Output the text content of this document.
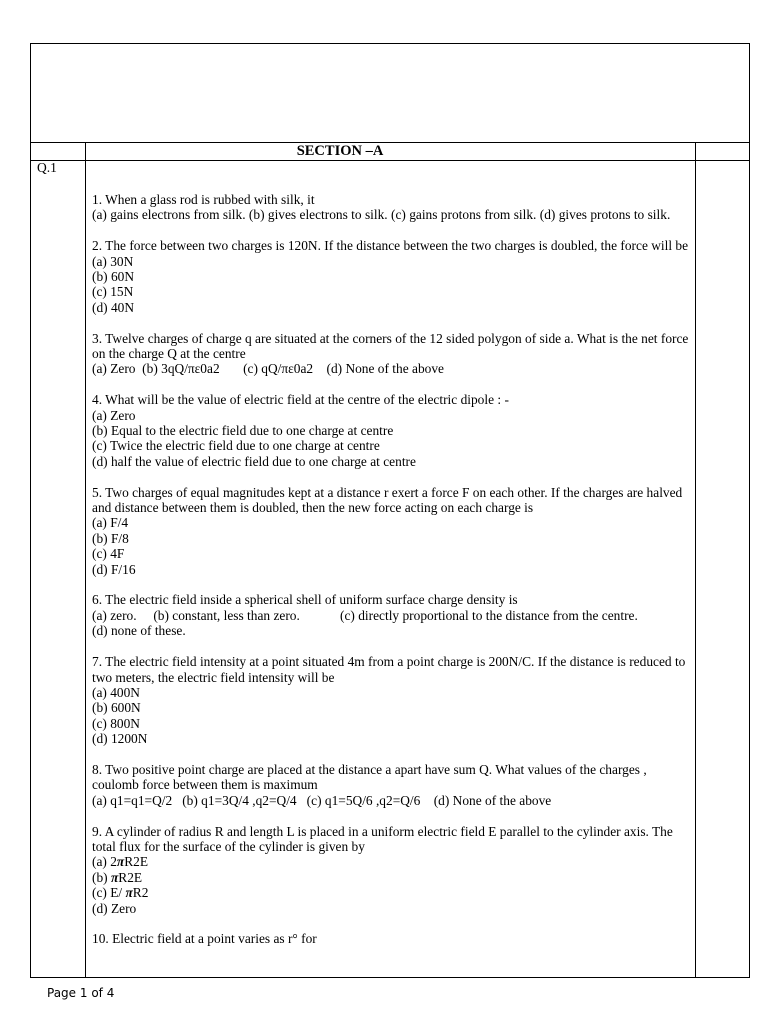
SECTION –A
Q.1
1. When a glass rod is rubbed with silk, it
(a) gains electrons from silk. (b) gives electrons to silk. (c) gains protons from silk. (d) gives protons to silk.
2. The force between two charges is 120N. If the distance between the two charges is doubled, the force will be
(a) 30N
(b) 60N
(c) 15N
(d) 40N
3. Twelve charges of charge q are situated at the corners of the 12 sided polygon of side a. What is the net force on the charge Q at the centre
(a) Zero  (b) 3qQ/πε0a2       (c) qQ/πε0a2    (d) None of the above
4. What will be the value of electric field at the centre of the electric dipole : -
(a) Zero
(b) Equal to the electric field due to one charge at centre
(c) Twice the electric field due to one charge at centre
(d) half the value of electric field due to one charge at centre
5. Two charges of equal magnitudes kept at a distance r exert a force F on each other. If the charges are halved and distance between them is doubled, then the new force acting on each charge is
(a) F/4
(b) F/8
(c) 4F
(d) F/16
6. The electric field inside a spherical shell of uniform surface charge density is
(a) zero.     (b) constant, less than zero.            (c) directly proportional to the distance from the centre.
(d) none of these.
7. The electric field intensity at a point situated 4m from a point charge is 200N/C. If the distance is reduced to two meters, the electric field intensity will be
(a) 400N
(b) 600N
(c) 800N
(d) 1200N
8. Two positive point charge are placed at the distance a apart have sum Q. What values of the charges , coulomb force between them is maximum
(a) q1=q1=Q/2   (b) q1=3Q/4 ,q2=Q/4   (c) q1=5Q/6 ,q2=Q/6    (d) None of the above
9. A cylinder of radius R and length L is placed in a uniform electric field E parallel to the cylinder axis. The total flux for the surface of the cylinder is given by
(a) 2πR2E
(b) πR2E
(c) E/ πR2
(d) Zero
10. Electric field at a point varies as r° for
Page 1 of 4
